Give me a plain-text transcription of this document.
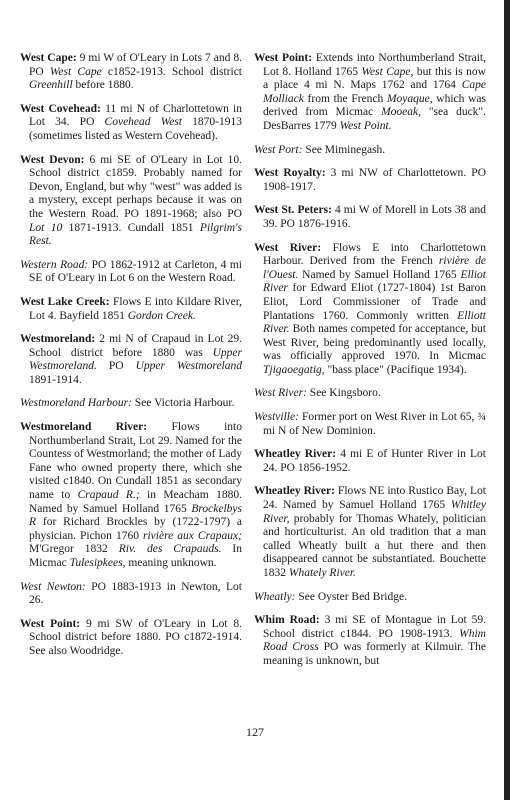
West Cape: 9 mi W of O'Leary in Lots 7 and 8. PO West Cape c1852-1913. School district Greenhill before 1880.

West Covehead: 11 mi N of Charlottetown in Lot 34. PO Covehead West 1870-1913 (sometimes listed as Western Covehead).

West Devon: 6 mi SE of O'Leary in Lot 10. School district c1859. Probably named for Devon, England, but why "west" was added is a mystery, except perhaps because it was on the Western Road. PO 1891-1968; also PO Lot 10 1871-1913. Cundall 1851 Pilgrim's Rest.

Western Road: PO 1862-1912 at Carleton, 4 mi SE of O'Leary in Lot 6 on the Western Road.

West Lake Creek: Flows E into Kildare River, Lot 4. Bayfield 1851 Gordon Creek.

Westmoreland: 2 mi N of Crapaud in Lot 29. School district before 1880 was Upper Westmoreland. PO Upper Westmoreland 1891-1914.

Westmoreland Harbour: See Victoria Harbour.

Westmoreland River: Flows into Northumberland Strait, Lot 29. Named for the Countess of Westmorland; the mother of Lady Fane who owned property there, which she visited c1840. On Cundall 1851 as secondary name to Crapaud R.; in Meacham 1880. Named by Samuel Holland 1765 Brockelbys R for Richard Brockles by (1722-1797) a physician. Pichon 1760 rivière aux Crapaux; M'Gregor 1832 Riv. des Crapauds. In Micmac Tulesipkees, meaning unknown.

West Newton: PO 1883-1913 in Newton, Lot 26.

West Point: 9 mi SW of O'Leary in Lot 8. School district before 1880. PO c1872-1914. See also Woodridge.

West Point: Extends into Northumberland Strait, Lot 8. Holland 1765 West Cape, but this is now a place 4 mi N. Maps 1762 and 1764 Cape Molliack from the French Moyaque, which was derived from Micmac Mooeak, "sea duck". DesBarres 1779 West Point.

West Port: See Miminegash.

West Royalty: 3 mi NW of Charlottetown. PO 1908-1917.

West St. Peters: 4 mi W of Morell in Lots 38 and 39. PO 1876-1916.

West River: Flows E into Charlottetown Harbour. Derived from the French rivière de l'Ouest. Named by Samuel Holland 1765 Elliot River for Edward Eliot (1727-1804) 1st Baron Eliot, Lord Commissioner of Trade and Plantations 1760. Commonly written Elliott River. Both names competed for acceptance, but West River, being predominantly used locally, was officially approved 1970. In Micmac Tjigaoegatig, "bass place" (Pacifique 1934).

West River: See Kingsboro.

Westville: Former port on West River in Lot 65, ¾ mi N of New Dominion.

Wheatley River: 4 mi E of Hunter River in Lot 24. PO 1856-1952.

Wheatley River: Flows NE into Rustico Bay, Lot 24. Named by Samuel Holland 1765 Whitley River, probably for Thomas Whately, politician and horticulturist. An old tradition that a man called Wheatly built a hut there and then disappeared cannot be substantiated. Bouchette 1832 Whately River.

Wheatly: See Oyster Bed Bridge.

Whim Road: 3 mi SE of Montague in Lot 59. School district c1844. PO 1908-1913. Whim Road Cross PO was formerly at Kilmuir. The meaning is unknown, but

127
